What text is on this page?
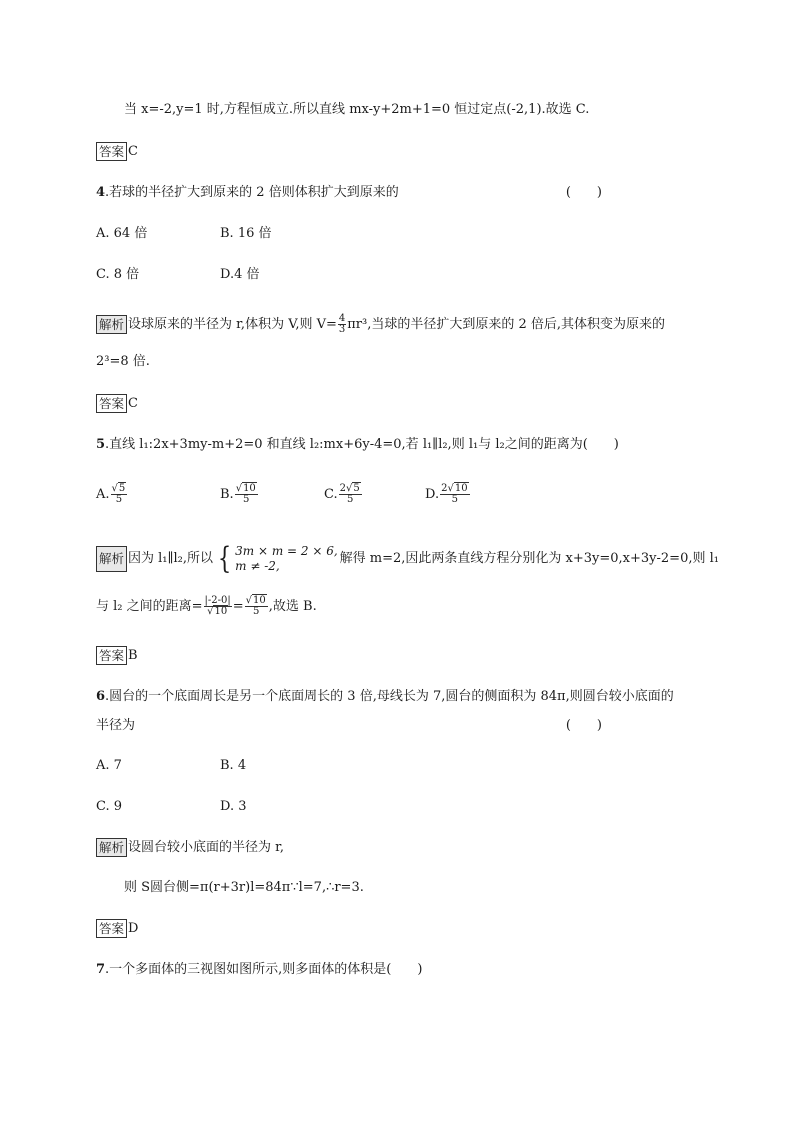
当 x=-2,y=1 时,方程恒成立.所以直线 mx-y+2m+1=0 恒过定点(-2,1).故选 C.
答案 C
4.若球的半径扩大到原来的 2 倍则体积扩大到原来的	(　　)
A. 64 倍	B. 16 倍
C. 8 倍	D.4 倍
解析 设球原来的半径为 r,体积为 V,则 $V= \frac{4}{3} \pi r^3$,当球的半径扩大到原来的 2 倍后,其体积变为原来的
2³=8 倍.
答案 C
5.直线 l₁:2x+3my-m+2=0 和直线 l₂:mx+6y-4=0,若 l₁∥l₂,则 l₁与 l₂之间的距离为(　　)
A. $\frac{√5}{5}$	B. $\frac{√10}{5}$	C. $\frac{2√5}{5}$	D. $\frac{2√10}{5}$
解析 因为 l₁∥l₂,所以 { 3m × m = 2 × 6,
m ≠ -2,	解得 m=2,因此两条直线方程分别化为 x+3y=0,x+3y-2=0,则 l₁
与 l₂ 之间的距离= $\frac{|-2-0|}{√10} = \frac{√10}{5}$ ,故选 B.
答案 B
6.圆台的一个底面周长是另一个底面周长的 3 倍,母线长为 7,圆台的侧面积为 84π,则圆台较小底面的
半径为	(　　)
A. 7	B. 4
C. 9	D. 3
解析 设圆台较小底面的半径为 r,
则 S圆台侧=π(r+3r)l=84π∵l=7,∴r=3.
答案 D
7.一个多面体的三视图如图所示,则多面体的体积是(　　)
